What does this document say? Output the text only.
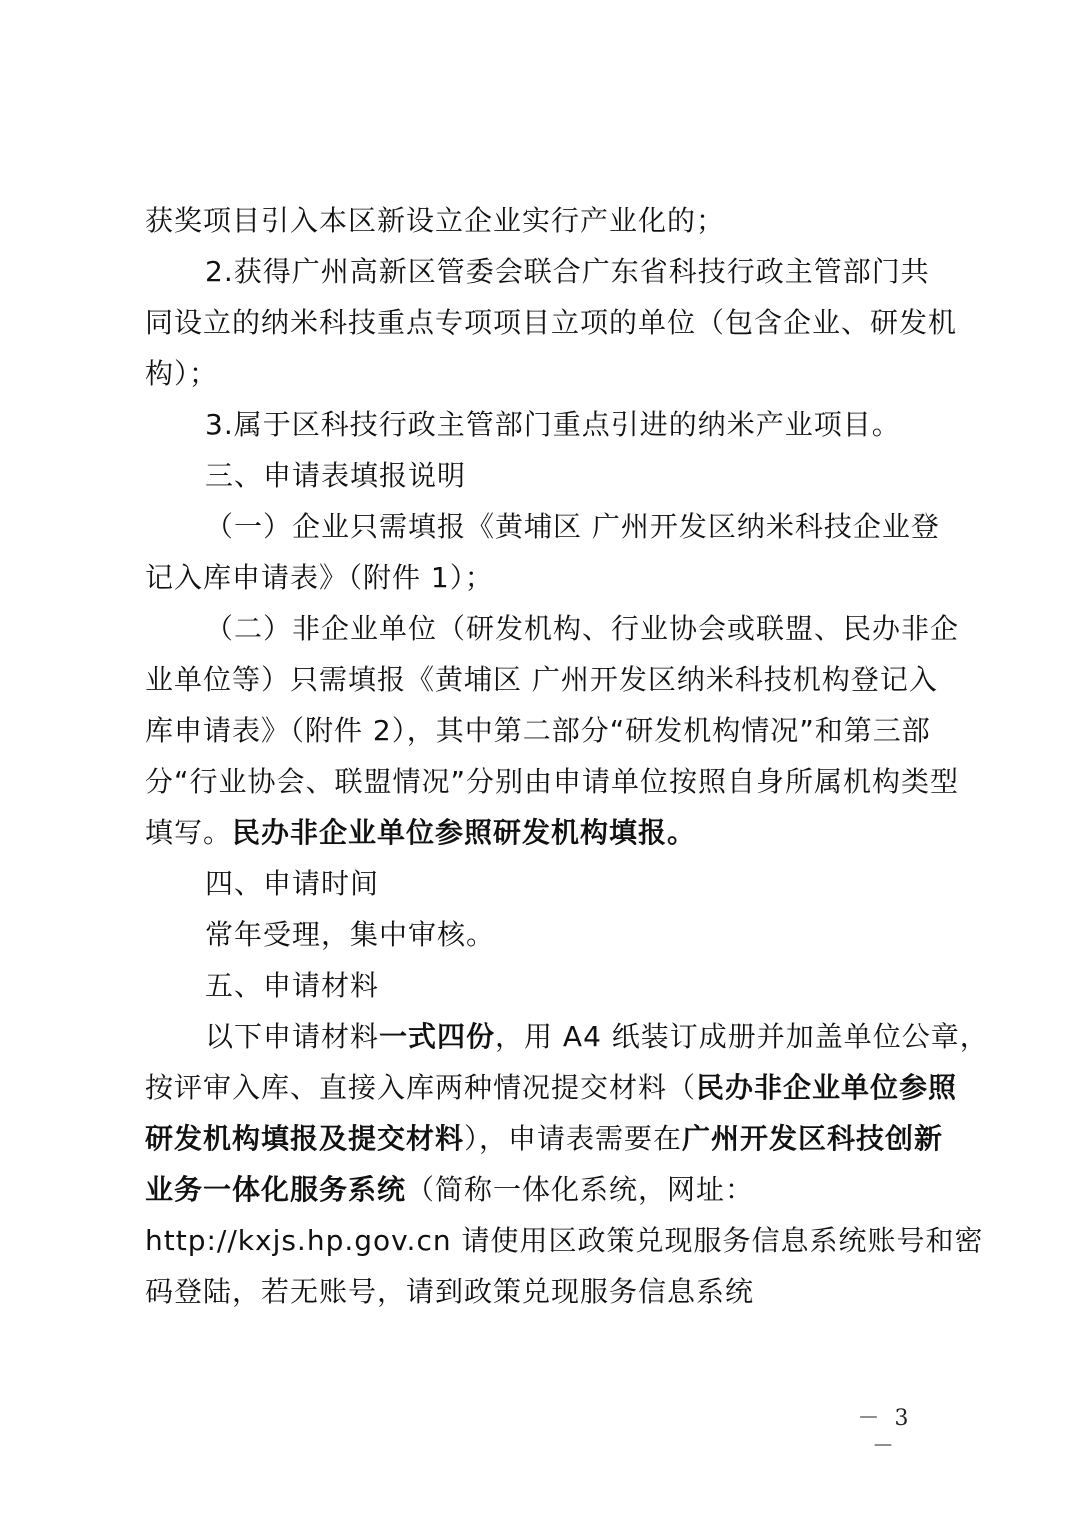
获奖项目引入本区新设立企业实行产业化的；
2.获得广州高新区管委会联合广东省科技行政主管部门共
同设立的纳米科技重点专项项目立项的单位（包含企业、研发机
构）；
3.属于区科技行政主管部门重点引进的纳米产业项目。
三、申请表填报说明
（一）企业只需填报《黄埔区 广州开发区纳米科技企业登
记入库申请表》（附件 1）；
（二）非企业单位（研发机构、行业协会或联盟、民办非企
业单位等）只需填报《黄埔区 广州开发区纳米科技机构登记入
库申请表》（附件 2），其中第二部分“研发机构情况”和第三部
分“行业协会、联盟情况”分别由申请单位按照自身所属机构类型
填写。民办非企业单位参照研发机构填报。
四、申请时间
常年受理，集中审核。
五、申请材料
以下申请材料一式四份，用 A4 纸装订成册并加盖单位公章，
按评审入库、直接入库两种情况提交材料（民办非企业单位参照
研发机构填报及提交材料），申请表需要在广州开发区科技创新
业务一体化服务系统（简称一体化系统，网址：
http://kxjs.hp.gov.cn 请使用区政策兑现服务信息系统账号和密
码登陆，若无账号，请到政策兑现服务信息系统
－ 3 －
